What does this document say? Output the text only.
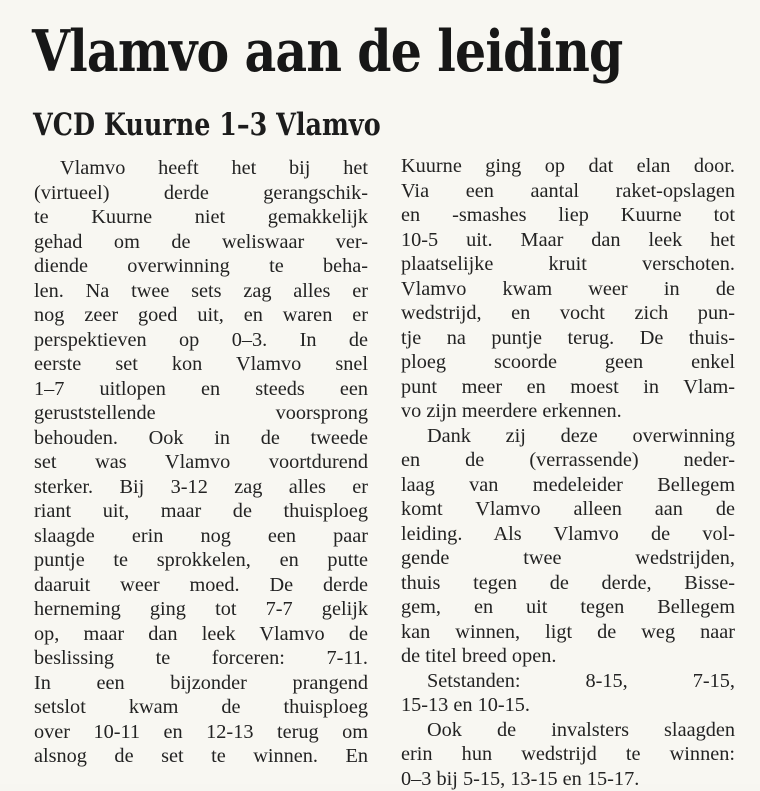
Vlamvo aan de leiding
VCD Kuurne 1–3 Vlamvo
Vlamvo heeft het bij het
(virtueel) derde gerangschik-
te Kuurne niet gemakkelijk
gehad om de weliswaar ver-
diende overwinning te beha-
len. Na twee sets zag alles er
nog zeer goed uit, en waren er
perspektieven op 0–3. In de
eerste set kon Vlamvo snel
1–7 uitlopen en steeds een
geruststellende voorsprong
behouden. Ook in de tweede
set was Vlamvo voortdurend
sterker. Bij 3-12 zag alles er
riant uit, maar de thuisploeg
slaagde erin nog een paar
puntje te sprokkelen, en putte
daaruit weer moed. De derde
herneming ging tot 7-7 gelijk
op, maar dan leek Vlamvo de
beslissing te forceren: 7-11.
In een bijzonder prangend
setslot kwam de thuisploeg
over 10-11 en 12-13 terug om
alsnog de set te winnen. En
Kuurne ging op dat elan door.
Via een aantal raket-opslagen
en -smashes liep Kuurne tot
10-5 uit. Maar dan leek het
plaatselijke kruit verschoten.
Vlamvo kwam weer in de
wedstrijd, en vocht zich pun-
tje na puntje terug. De thuis-
ploeg scoorde geen enkel
punt meer en moest in Vlam-
vo zijn meerdere erkennen.
Dank zij deze overwinning
en de (verrassende) neder-
laag van medeleider Bellegem
komt Vlamvo alleen aan de
leiding. Als Vlamvo de vol-
gende twee wedstrijden,
thuis tegen de derde, Bisse-
gem, en uit tegen Bellegem
kan winnen, ligt de weg naar
de titel breed open.
Setstanden: 8-15, 7-15,
15-13 en 10-15.
Ook de invalsters slaagden
erin hun wedstrijd te winnen:
0–3 bij 5-15, 13-15 en 15-17.
